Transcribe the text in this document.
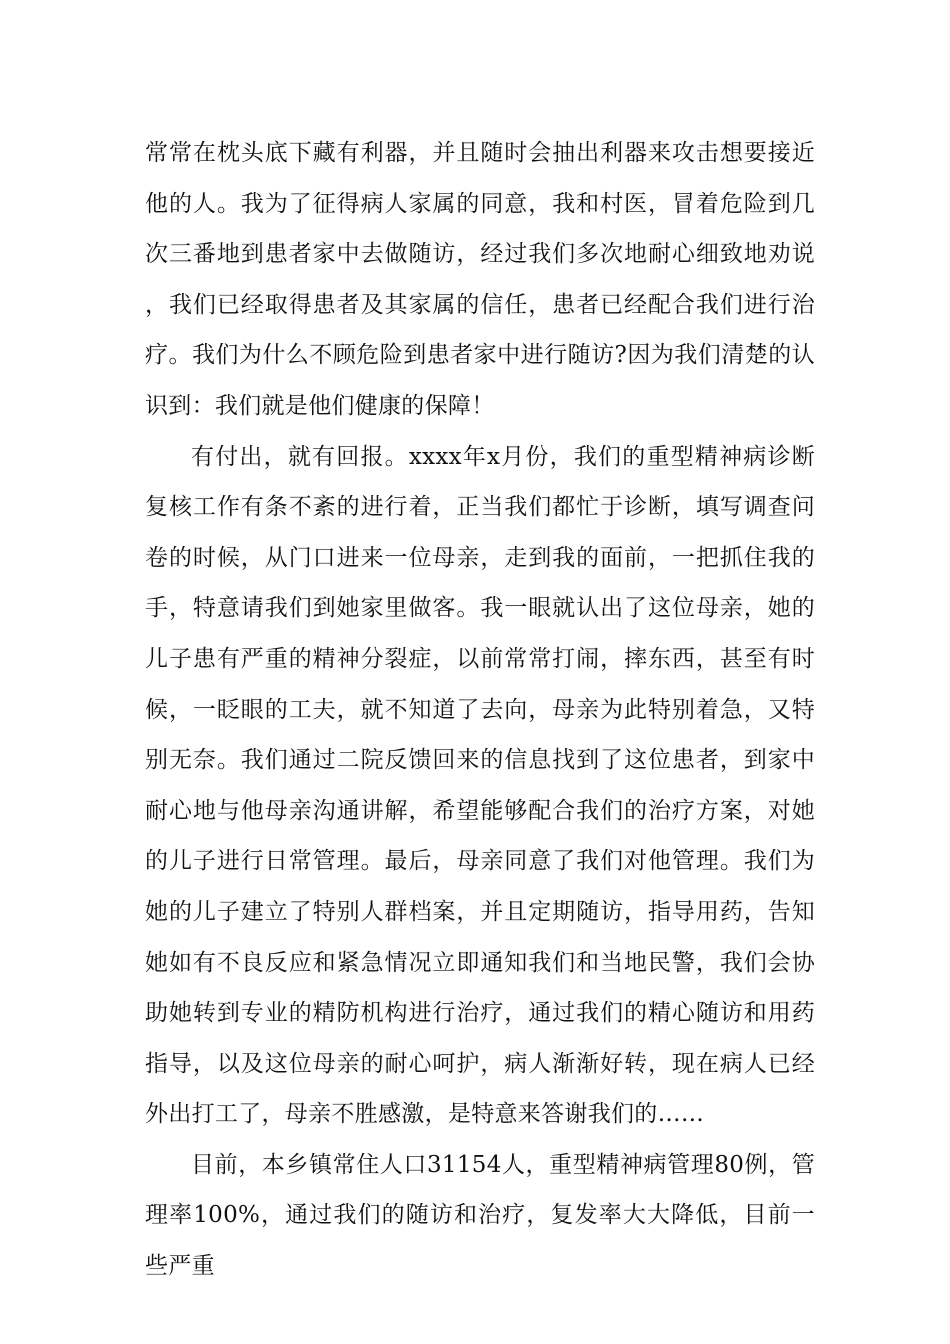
常常在枕头底下藏有利器，并且随时会抽出利器来攻击想要接近他的人。我为了征得病人家属的同意，我和村医，冒着危险到几次三番地到患者家中去做随访，经过我们多次地耐心细致地劝说，我们已经取得患者及其家属的信任，患者已经配合我们进行治疗。我们为什么不顾危险到患者家中进行随访?因为我们清楚的认识到：我们就是他们健康的保障！

有付出，就有回报。xxxx年x月份，我们的重型精神病诊断复核工作有条不紊的进行着，正当我们都忙于诊断，填写调查问卷的时候，从门口进来一位母亲，走到我的面前，一把抓住我的手，特意请我们到她家里做客。我一眼就认出了这位母亲，她的儿子患有严重的精神分裂症，以前常常打闹，摔东西，甚至有时候，一眨眼的工夫，就不知道了去向，母亲为此特别着急，又特别无奈。我们通过二院反馈回来的信息找到了这位患者，到家中耐心地与他母亲沟通讲解，希望能够配合我们的治疗方案，对她的儿子进行日常管理。最后，母亲同意了我们对他管理。我们为她的儿子建立了特别人群档案，并且定期随访，指导用药，告知她如有不良反应和紧急情况立即通知我们和当地民警，我们会协助她转到专业的精防机构进行治疗，通过我们的精心随访和用药指导，以及这位母亲的耐心呵护，病人渐渐好转，现在病人已经外出打工了，母亲不胜感激，是特意来答谢我们的……

目前，本乡镇常住人口31154人，重型精神病管理80例，管理率100%，通过我们的随访和治疗，复发率大大降低，目前一些严重
